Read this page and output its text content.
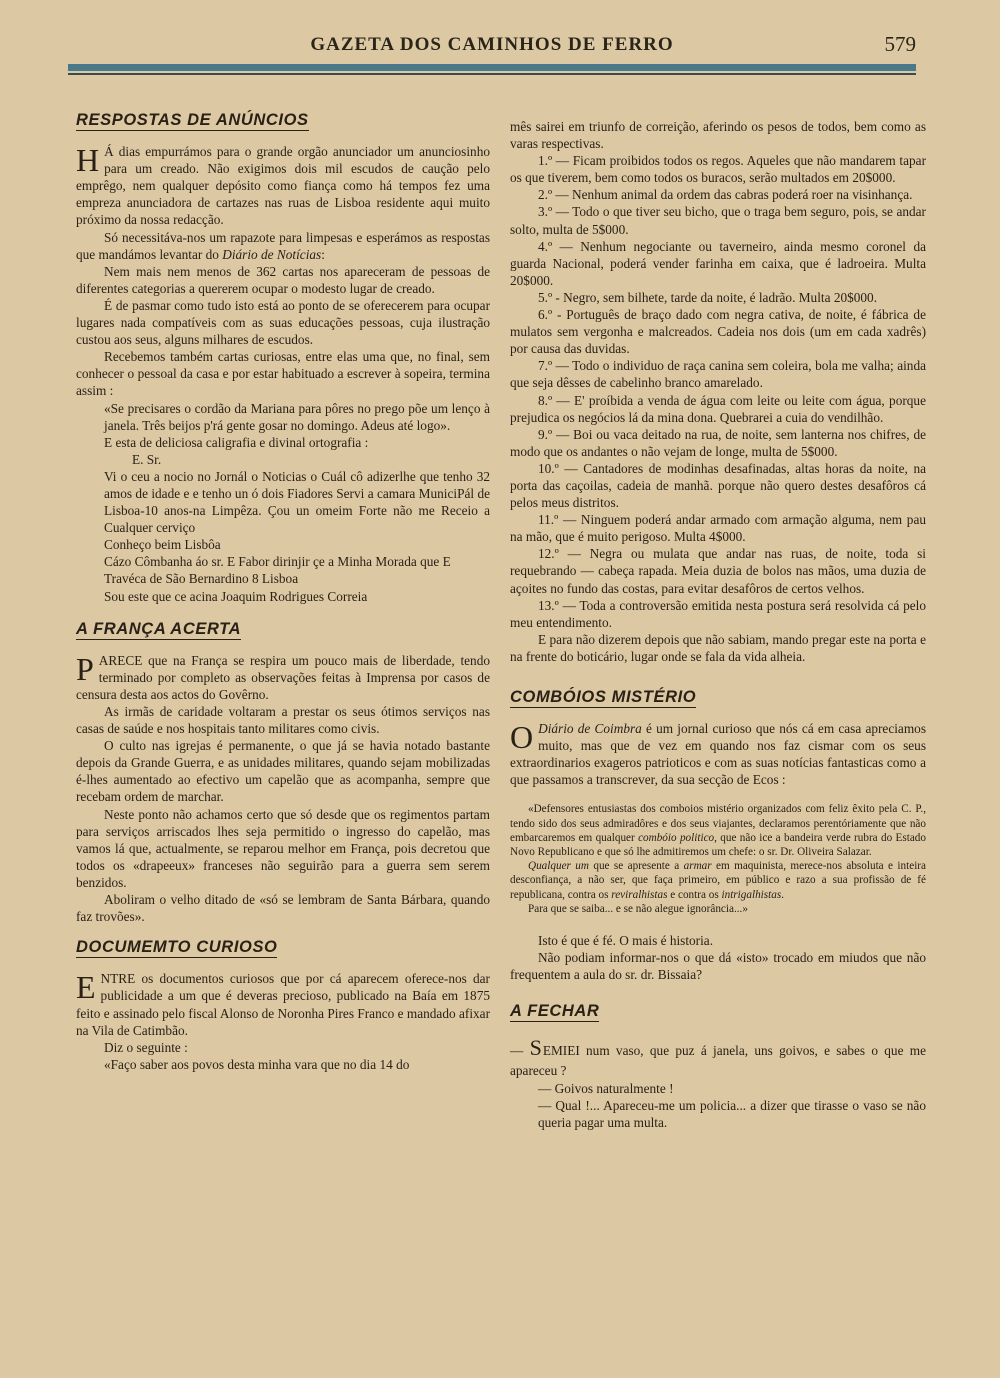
GAZETA DOS CAMINHOS DE FERRO	579
RESPOSTAS DE ANÚNCIOS

H Á dias empurrámos para o grande orgão anunciador um anunciosinho para um creado. Não exigimos dois mil escudos de caução pelo emprêgo, nem qualquer depósito como fiança como há tempos fez uma empreza anunciadora de cartazes nas ruas de Lisboa residente aqui muito próximo da nossa redacção.

Só necessitáva-nos um rapazote para limpesas e esperámos as respostas que mandámos levantar do Diário de Notícias:

Nem mais nem menos de 362 cartas nos apareceram de pessoas de diferentes categorias a quererem ocupar o modesto lugar de creado.

É de pasmar como tudo isto está ao ponto de se oferecerem para ocupar lugares nada compatíveis com as suas educações pessoas, cuja ilustração custou aos seus, alguns milhares de escudos.

Recebemos também cartas curiosas, entre elas uma que, no final, sem conhecer o pessoal da casa e por estar habituado a escrever à sopeira, termina assim :

«Se precisares o cordão da Mariana para pôres no prego põe um lenço à janela. Três beijos p'rá gente gosar no domingo. Adeus até logo».

E esta de deliciosa caligrafia e divinal ortografia :

E. Sr.

Vi o ceu a nocio no Jornál o Noticias o Cuál cô adizerlhe que tenho 32 amos de idade e e tenho un ó dois Fiadores Servi a camara MuniciPál de Lisboa-10 anos-na Limpêza. Çou un omeim Forte não me Receio a Cualquer cerviço

Conheço beim Lisbôa

Cázo Cômbanha áo sr. E Fabor dirinjir çe a Minha Morada que E

Travéca de São Bernardino 8 Lisboa

Sou este que ce acina Joaquim Rodrigues Correia

A FRANÇA ACERTA

PARECE que na França se respira um pouco mais de liberdade, tendo terminado por completo as observações feitas à Imprensa por casos de censura desta aos actos do Govêrno.

As irmãs de caridade voltaram a prestar os seus ótimos serviços nas casas de saúde e nos hospitais tanto militares como civis.

O culto nas igrejas é permanente, o que já se havia notado bastante depois da Grande Guerra, e as unidades militares, quando sejam mobilizadas é-lhes aumentado ao efectivo um capelão que as acompanha, sempre que recebam ordem de marchar.

Neste ponto não achamos certo que só desde que os regimentos partam para serviços arriscados lhes seja permitido o ingresso do capelão, mas vamos lá que, actualmente, se reparou melhor em França, pois decretou que todos os «drapeeux» franceses não seguirão para a guerra sem serem benzidos.

Aboliram o velho ditado de «só se lembram de Santa Bárbara, quando faz trovões».

DOCUMEMTO CURIOSO

ENTRE os documentos curiosos que por cá aparecem oferece-nos dar publicidade a um que é deveras precioso, publicado na Baía em 1875 feito e assinado pelo fiscal Alonso de Noronha Pires Franco e mandado afixar na Vila de Catimbão.

Diz o seguinte :

«Faço saber aos povos desta minha vara que no dia 14 do

mês sairei em triunfo de correição, aferindo os pesos de todos, bem como as varas respectivas.

1.º — Ficam proibidos todos os regos. Aqueles que não mandarem tapar os que tiverem, bem como todos os buracos, serão multados em 20$000.

2.º — Nenhum animal da ordem das cabras poderá roer na visinhança.

3.º — Todo o que tiver seu bicho, que o traga bem seguro, pois, se andar solto, multa de 5$000.

4.º — Nenhum negociante ou taverneiro, ainda mesmo coronel da guarda Nacional, poderá vender farinha em caixa, que é ladroeira. Multa 20$000.

5.º - Negro, sem bilhete, tarde da noite, é ladrão. Multa 20$000.

6.º - Português de braço dado com negra cativa, de noite, é fábrica de mulatos sem vergonha e malcreados. Cadeia nos dois (um em cada xadrês) por causa das duvidas.

7.º — Todo o individuo de raça canina sem coleira, bola me valha; ainda que seja dêsses de cabelinho branco amarelado.

8.º — E' proíbida a venda de água com leite ou leite com água, porque prejudica os negócios lá da mina dona. Quebrarei a cuia do vendilhão.

9.º — Boi ou vaca deitado na rua, de noite, sem lanterna nos chifres, de modo que os andantes o não vejam de longe, multa de 5$000.

10.º — Cantadores de modinhas desafinadas, altas horas da noite, na porta das caçoilas, cadeia de manhã. porque não quero destes desafôros cá pelos meus distritos.

11.º — Ninguem poderá andar armado com armação alguma, nem pau na mão, que é muito perigoso. Multa 4$000.

12.º — Negra ou mulata que andar nas ruas, de noite, toda si requebrando — cabeça rapada. Meia duzia de bolos nas mãos, uma duzia de açoites no fundo das costas, para evitar desafôros de certos velhos.

13.º — Toda a controversão emitida nesta postura será resolvida cá pelo meu entendimento.

E para não dizerem depois que não sabiam, mando pregar este na porta e na frente do boticário, lugar onde se fala da vida alheia.

COMBÓIOS MISTÉRIO

O Diário de Coimbra é um jornal curioso que nós cá em casa apreciamos muito, mas que de vez em quando nos faz cismar com os seus extraordinarios exageros patrioticos e com as suas notícias fantasticas como a que passamos a transcrever, da sua secção de Ecos :

«Defensores entusiastas dos comboios mistério organizados com feliz êxito pela C. P., tendo sido dos seus admiradôres e dos seus viajantes, declaramos perentóriamente que não embarcaremos em qualquer combóio politico, que não ice a bandeira verde rubra do Estado Novo Republicano e que só lhe admitiremos um chefe: o sr. Dr. Oliveira Salazar.

Qualquer um que se apresente a armar em maquinista, merece-nos absoluta e inteira desconfiança, a não ser, que faça primeiro, em público e razo a sua profissão de fé republicana, contra os reviralhistas e contra os intrigalhistas.

Para que se saiba... e se não alegue ignorância...»

Isto é que é fé. O mais é historia.

Não podiam informar-nos o que dá «isto» trocado em miudos que não frequentem a aula do sr. dr. Bissaia?

A FECHAR

— SEMIEI num vaso, que puz á janela, uns goivos, e sabes o que me apareceu ?

— Goivos naturalmente !

— Qual !... Apareceu-me um policia... a dizer que tirasse o vaso se não queria pagar uma multa.
